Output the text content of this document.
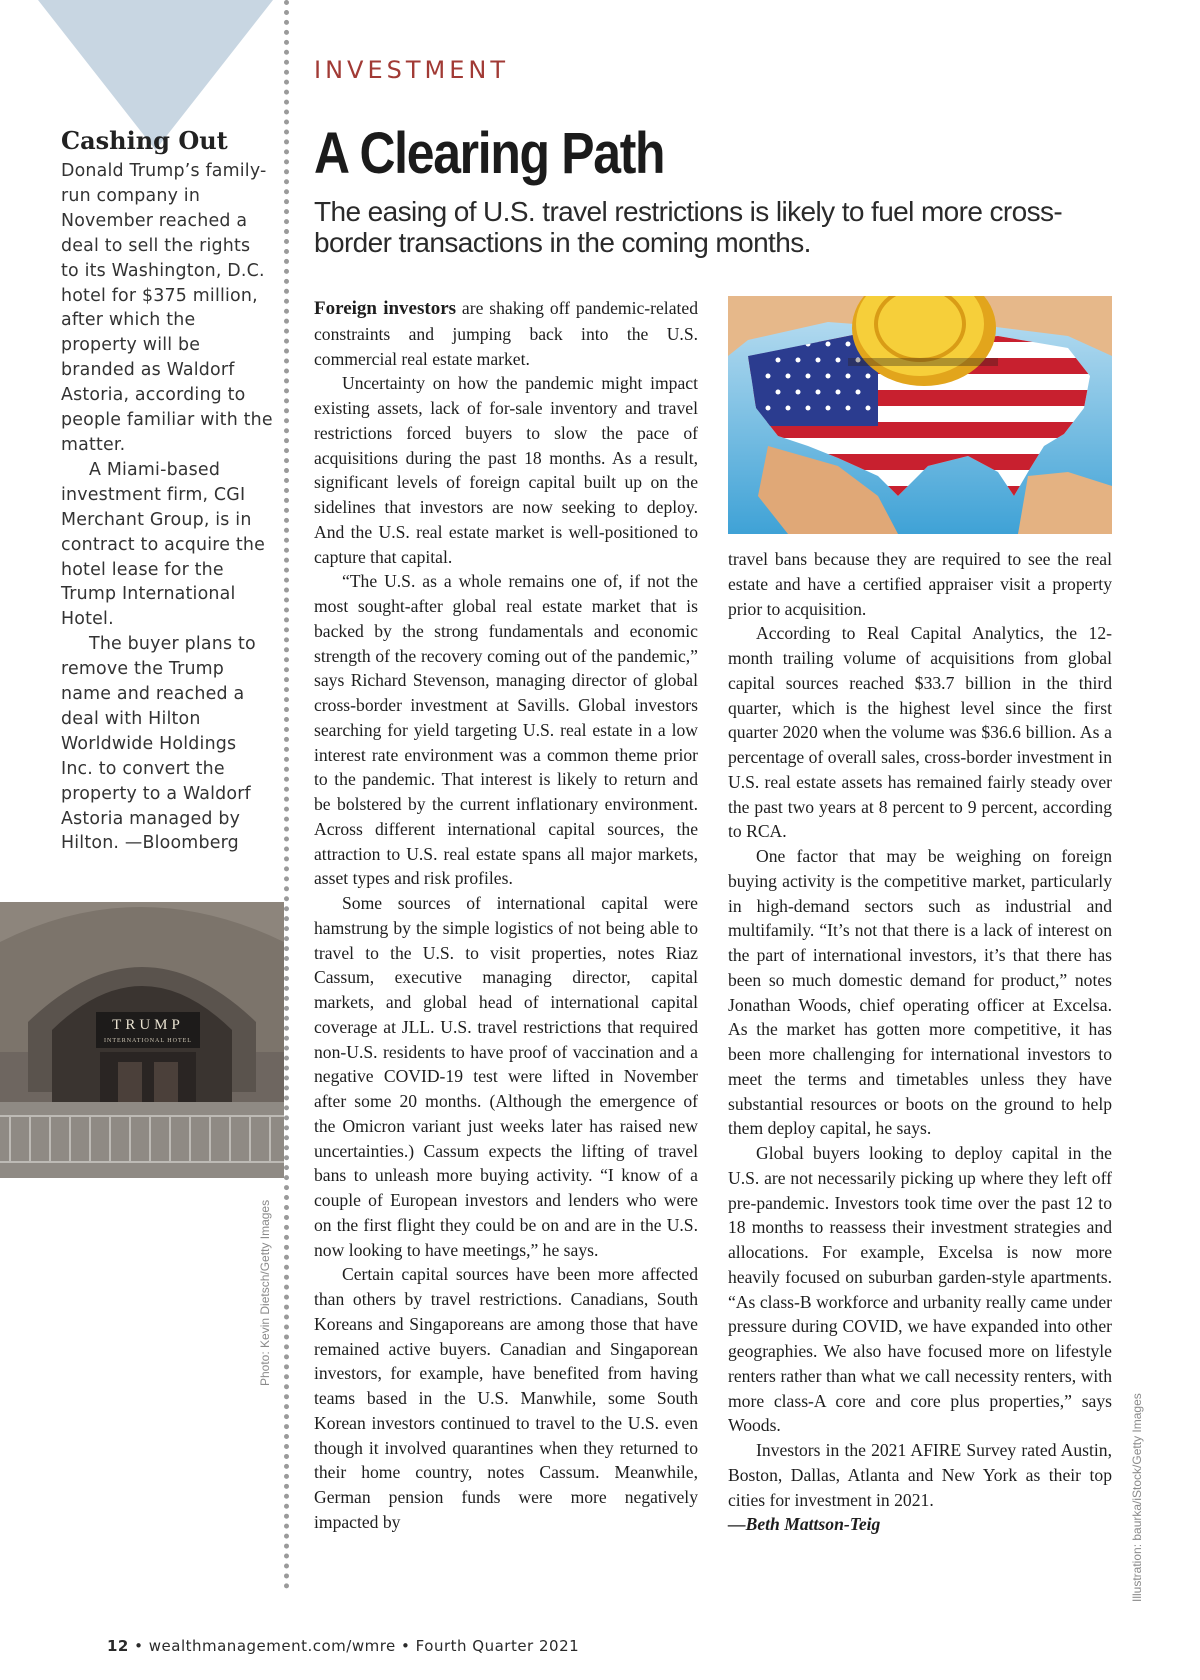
Cashing Out

Donald Trump’s family-run company in November reached a deal to sell the rights to its Washington, D.C. hotel for $375 million, after which the property will be branded as Waldorf Astoria, according to people familiar with the matter.

A Miami-based investment firm, CGI Merchant Group, is in contract to acquire the hotel lease for the Trump International Hotel.

The buyer plans to remove the Trump name and reached a deal with Hilton Worldwide Holdings Inc. to convert the property to a Waldorf Astoria managed by Hilton. —Bloomberg

TRUMP
INTERNATIONAL HOTEL
Photo: Kevin Dietsch/Getty Images
INVESTMENT
A Clearing Path

The easing of U.S. travel restrictions is likely to fuel more cross-border transactions in the coming months.

Foreign investors are shaking off pandemic-related constraints and jumping back into the U.S. commercial real estate market.

Uncertainty on how the pandemic might impact existing assets, lack of for-sale inventory and travel restrictions forced buyers to slow the pace of acquisitions during the past 18 months. As a result, significant levels of foreign capital built up on the sidelines that investors are now seeking to deploy. And the U.S. real estate market is well-positioned to capture that capital.

“The U.S. as a whole remains one of, if not the most sought-after global real estate market that is backed by the strong fundamentals and economic strength of the recovery coming out of the pandemic,” says Richard Stevenson, managing director of global cross-border investment at Savills. Global investors searching for yield targeting U.S. real estate in a low interest rate environment was a common theme prior to the pandemic. That interest is likely to return and be bolstered by the current inflationary environment. Across different international capital sources, the attraction to U.S. real estate spans all major markets, asset types and risk profiles.

Some sources of international capital were hamstrung by the simple logistics of not being able to travel to the U.S. to visit properties, notes Riaz Cassum, executive managing director, capital markets, and global head of international capital coverage at JLL. U.S. travel restrictions that required non-U.S. residents to have proof of vaccination and a negative COVID-19 test were lifted in November after some 20 months. (Although the emergence of the Omicron variant just weeks later has raised new uncertainties.) Cassum expects the lifting of travel bans to unleash more buying activity. “I know of a couple of European investors and lenders who were on the first flight they could be on and are in the U.S. now looking to have meetings,” he says.

Certain capital sources have been more affected than others by travel restrictions. Canadians, South Koreans and Singaporeans are among those that have remained active buyers. Canadian and Singaporean investors, for example, have benefited from having teams based in the U.S. Manwhile, some South Korean investors continued to travel to the U.S. even though it involved quarantines when they returned to their home country, notes Cassum. Meanwhile, German pension funds were more negatively impacted by

travel bans because they are required to see the real estate and have a certified appraiser visit a property prior to acquisition.

According to Real Capital Analytics, the 12-month trailing volume of acquisitions from global capital sources reached $33.7 billion in the third quarter, which is the highest level since the first quarter 2020 when the volume was $36.6 billion. As a percentage of overall sales, cross-border investment in U.S. real estate assets has remained fairly steady over the past two years at 8 percent to 9 percent, according to RCA.

One factor that may be weighing on foreign buying activity is the competitive market, particularly in high-demand sectors such as industrial and multifamily. “It’s not that there is a lack of interest on the part of international investors, it’s that there has been so much domestic demand for product,” notes Jonathan Woods, chief operating officer at Excelsa. As the market has gotten more competitive, it has been more challenging for international investors to meet the terms and timetables unless they have substantial resources or boots on the ground to help them deploy capital, he says.

Global buyers looking to deploy capital in the U.S. are not necessarily picking up where they left off pre-pandemic. Investors took time over the past 12 to 18 months to reassess their investment strategies and allocations. For example, Excelsa is now more heavily focused on suburban garden-style apartments. “As class-B workforce and urbanity really came under pressure during COVID, we have expanded into other geographies. We also have focused more on lifestyle renters rather than what we call necessity renters, with more class-A core and core plus properties,” says Woods.

Investors in the 2021 AFIRE Survey rated Austin, Boston, Dallas, Atlanta and New York as their top cities for investment in 2021.

—Beth Mattson-Teig	Illustration: baurka/iStock/Getty Images
12 • wealthmanagement.com/wmre • Fourth Quarter 2021
